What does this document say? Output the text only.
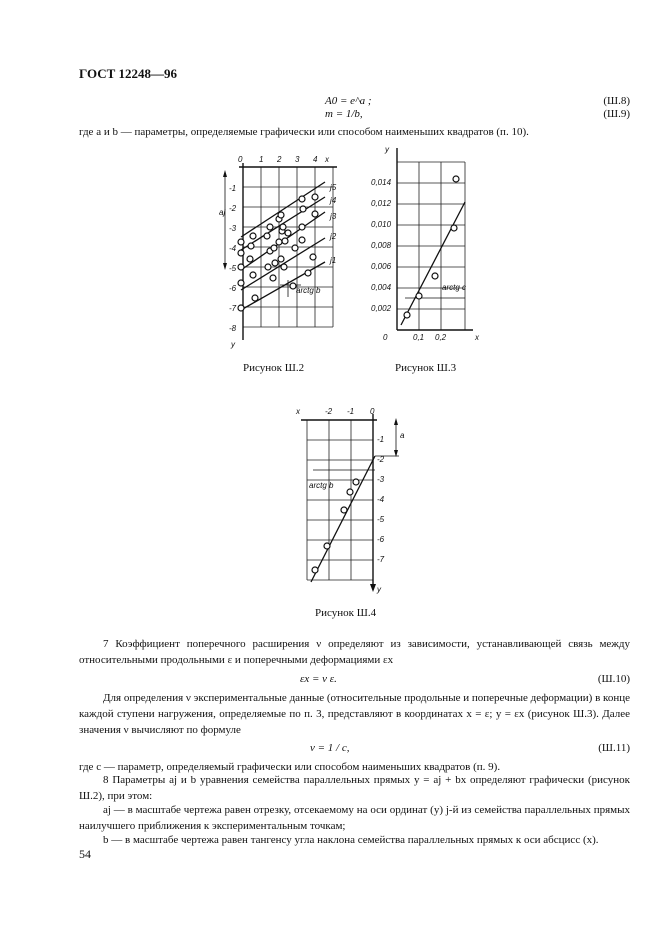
ГОСТ 12248—96
A0 = e^a ;	(Ш.8)
m = 1/b,	(Ш.9)
где a и b — параметры, определяемые графически или способом наименьших квадратов (п. 10).
0 1 2 3 4 x
-1
-2
-3
-4
-5
-6
-7
-8
y
aj
arctg b
j5
j4
j3
j2
j1
y
0,014
0,012
0,010
0,008
0,006
0,004
0,002
0	0,1 0,2	x
arctg c
Рисунок Ш.2	Рисунок Ш.3
x	-2 -1 0
-1
-2
-3
-4
-5
-6
-7
y
a
arctg b
Рисунок Ш.4
7 Коэффициент поперечного расширения ν определяют из зависимости, устанавливающей связь между относительными продольными ε и поперечными деформациями εx
εx = ν ε.	(Ш.10)
Для определения ν экспериментальные данные (относительные продольные и поперечные деформации) в конце каждой ступени нагружения, определяемые по п. 3, представляют в координатах x = ε; y = εx (рисунок Ш.3). Далее значения ν вычисляют по формуле
ν = 1 / c,	(Ш.11)
где c — параметр, определяемый графически или способом наименьших квадратов (п. 9).
8 Параметры aj и b уравнения семейства параллельных прямых y = aj + bx определяют графически (рисунок Ш.2), при этом:
aj — в масштабе чертежа равен отрезку, отсекаемому на оси ординат (y) j-й из семейства параллельных прямых наилучшего приближения к экспериментальным точкам;
b — в масштабе чертежа равен тангенсу угла наклона семейства параллельных прямых к оси абсцисс (x).
54
